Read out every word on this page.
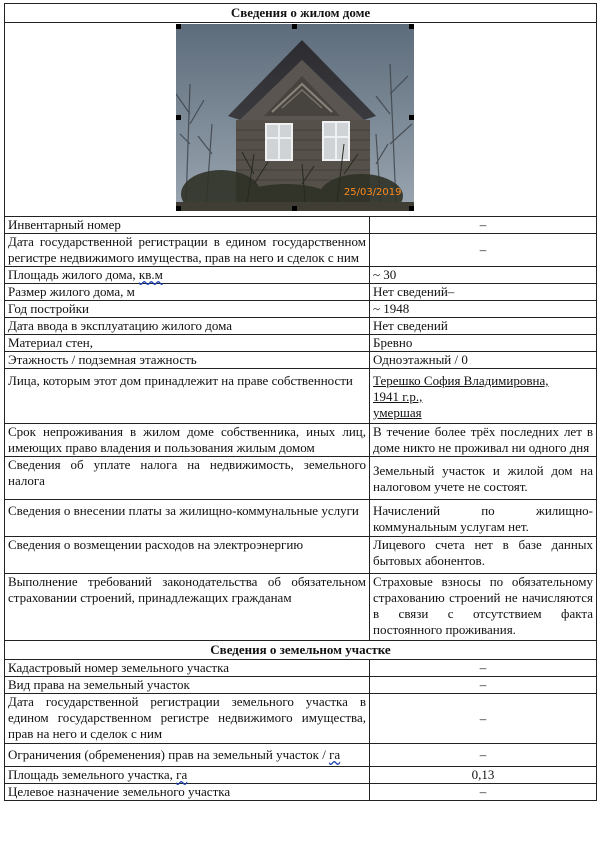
Сведения о жилом доме	

25/03/2019	

Инвентарный номер	–
Дата государственной регистрации в едином государственном регистре недвижимого имущества, прав на него и сделок с ним	–
Площадь жилого дома, кв.м	~ 30
Размер жилого дома, м	Нет сведений–
Год постройки	~ 1948
Дата ввода в эксплуатацию жилого дома	Нет сведений
Материал стен,	Бревно
Этажность / подземная этажность	Одноэтажный / 0
Лица, которым этот дом принадлежит на праве собственности	Терешко София Владимировна,
1941 г.р.,
умершая

Срок непроживания в жилом доме собственника, иных лиц, имеющих право владения и пользования жилым домом	В течение более трёх последних лет в доме никто не проживал ни одного дня
Сведения об уплате налога на недвижимость, земельного налога	Земельный участок и жилой дом на налоговом учете не состоят.
Сведения о внесении платы за жилищно-коммунальные услуги	Начислений по жилищно-коммунальным услугам нет.
Сведения о возмещении расходов на электроэнергию	Лицевого счета нет в базе данных бытовых абонентов.
Выполнение требований законодательства об обязательном страховании строений, принадлежащих гражданам	Страховые взносы по обязательному страхованию строений не начисляются в связи с отсутствием факта постоянного проживания.
Сведения о земельном участке	
Кадастровый номер земельного участка	–
Вид права на земельный участок	–
Дата государственной регистрации земельного участка в едином государственном регистре недвижимого имущества, прав на него и сделок с ним	–
Ограничения (обременения) прав на земельный участок / га	–
Площадь земельного участка, га	0,13
Целевое назначение земельного участка	–
